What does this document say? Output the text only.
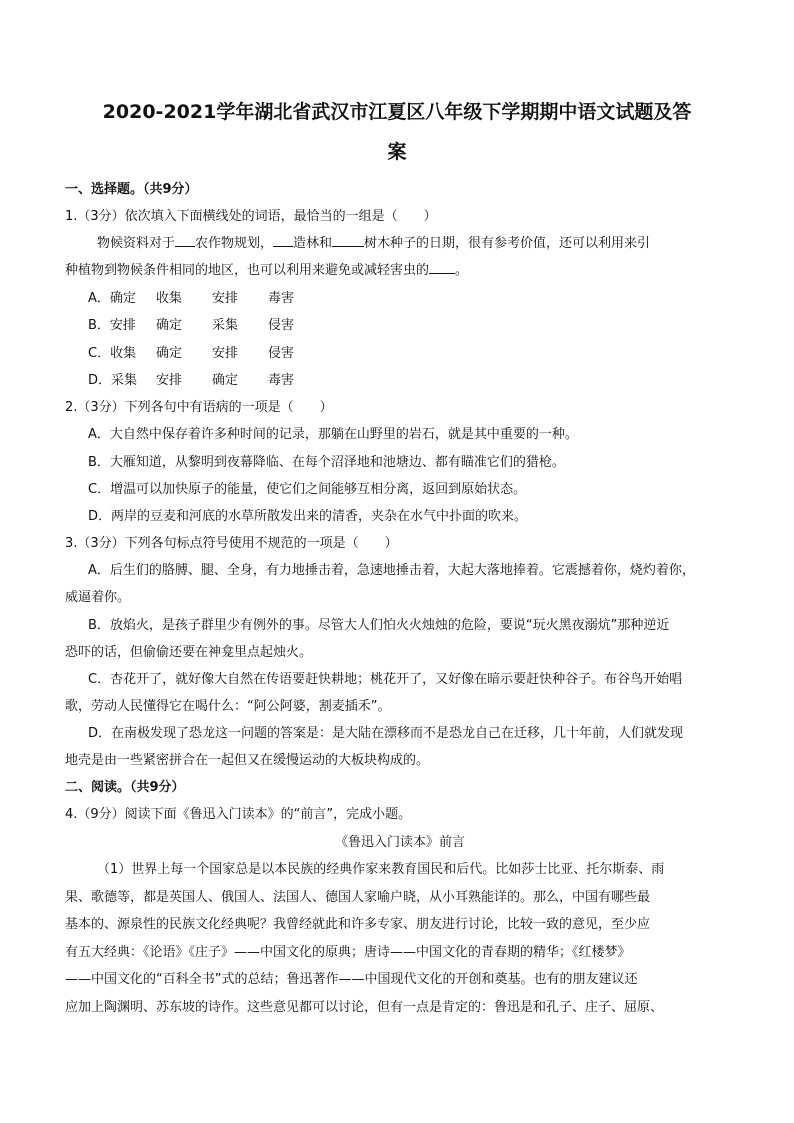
2020-2021学年湖北省武汉市江夏区八年级下学期期中语文试题及答
案
一、选择题。（共9分）
1.（3分）依次填入下面横线处的词语，最恰当的一组是（　　）
物候资料对于 农作物规划， 造林和 树木种子的日期，很有参考价值，还可以利用来引
种植物到物候条件相同的地区，也可以利用来避免或减轻害虫的 。
A．确定 收集 安排 毒害
B．安排 确定 采集 侵害
C．收集 确定 安排 侵害
D．采集 安排 确定 毒害
2.（3分）下列各句中有语病的一项是（　　）
A．大自然中保存着许多种时间的记录，那躺在山野里的岩石，就是其中重要的一种。
B．大雁知道，从黎明到夜幕降临、在每个沼泽地和池塘边、都有瞄准它们的猎枪。
C．增温可以加快原子的能量，使它们之间能够互相分离，返回到原始状态。
D．两岸的豆麦和河底的水草所散发出来的清香，夹杂在水气中扑面的吹来。
3.（3分）下列各句标点符号使用不规范的一项是（　　）
A．后生们的胳膊、腿、全身，有力地捶击着，急速地捶击着，大起大落地捧着。它震撼着你，烧灼着你，
威逼着你。
B．放焰火，是孩子群里少有例外的事。尽管大人们怕火火烛烛的危险，要说“玩火黑夜溺炕”那种逆近
恐吓的话，但偷偷还要在神龛里点起烛火。
C．杏花开了，就好像大自然在传语要赶快耕地；桃花开了，又好像在暗示要赶快种谷子。布谷鸟开始唱
歌，劳动人民懂得它在喝什么：“阿公阿婆，割麦插禾”。
D．在南极发现了恐龙这一问题的答案是：是大陆在漂移而不是恐龙自己在迁移，几十年前，人们就发现
地壳是由一些紧密拼合在一起但又在缓慢运动的大板块构成的。
二、阅读。（共9分）
4.（9分）阅读下面《鲁迅入门读本》的“前言”，完成小题。
《鲁迅入门读本》前言
（1）世界上每一个国家总是以本民族的经典作家来教育国民和后代。比如莎士比亚、托尔斯泰、雨
果、歌德等，都是英国人、俄国人、法国人、德国人家喻户晓，从小耳熟能详的。那么，中国有哪些最
基本的、源泉性的民族文化经典呢？我曾经就此和许多专家、朋友进行讨论，比较一致的意见，至少应
有五大经典：《论语》《庄子》——中国文化的原典；唐诗——中国文化的青春期的精华；《红楼梦》
——中国文化的“百科全书”式的总结；鲁迅著作——中国现代文化的开创和奠基。也有的朋友建议还
应加上陶渊明、苏东坡的诗作。这些意见都可以讨论，但有一点是肯定的：鲁迅是和孔子、庄子、屈原、
